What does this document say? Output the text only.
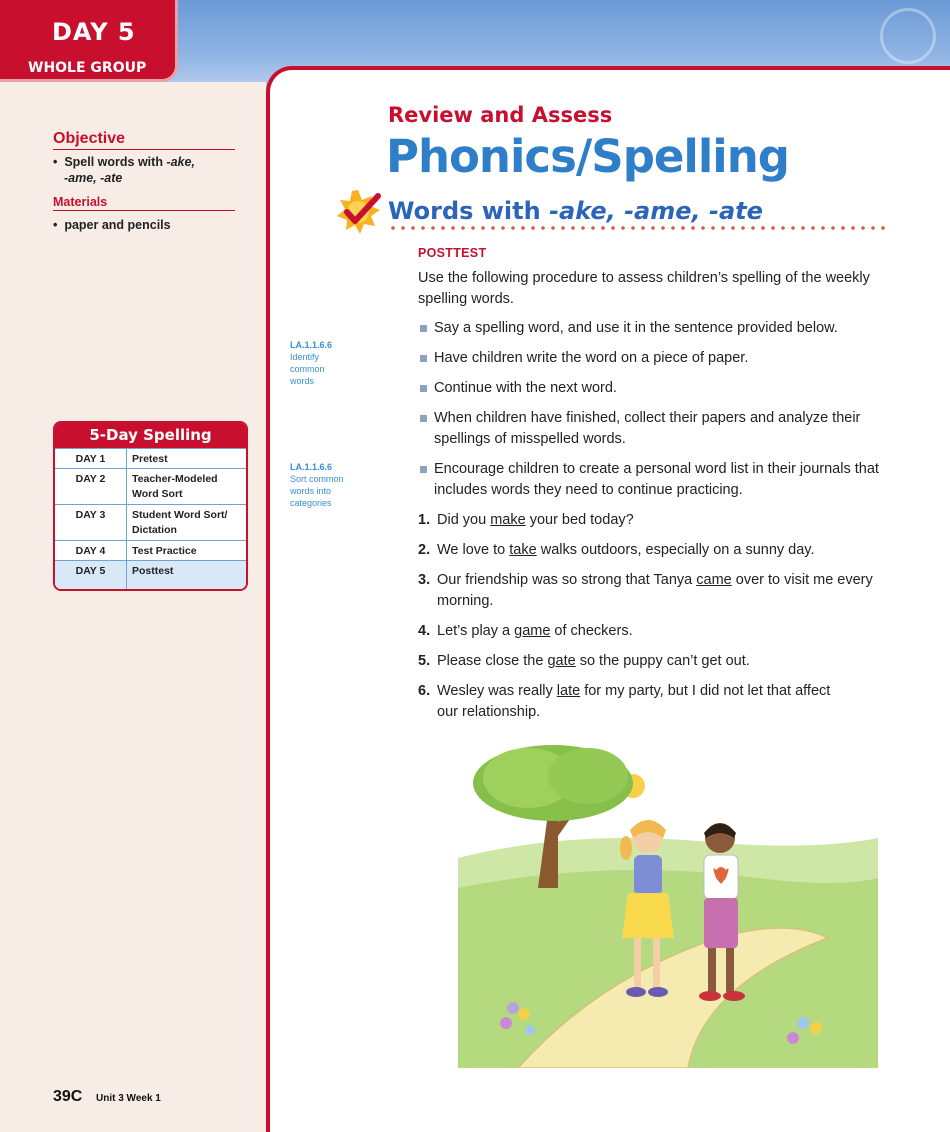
DAY 5
WHOLE GROUP
Objective
•  Spell words with -ake,
-ame, -ate
Materials
•  paper and pencils
5-Day Spelling
DAY 1	Pretest
DAY 2	Teacher-Modeled Word Sort
DAY 3	Student Word Sort/ Dictation
DAY 4	Test Practice
DAY 5	Posttest
39C Unit 3 Week 1
LA.1.1.6.6
Identify
common
words
LA.1.1.6.6
Sort common
words into
categories
Review and Assess
Phonics/Spelling
Words with -ake, -ame, -ate
POSTTEST
Use the following procedure to assess children’s spelling of the weekly spelling words.
Say a spelling word, and use it in the sentence provided below.
Have children write the word on a piece of paper.
Continue with the next word.
When children have finished, collect their papers and analyze their spellings of misspelled words.
Encourage children to create a personal word list in their journals that includes words they need to continue practicing.
1. Did you make your bed today?
2. We love to take walks outdoors, especially on a sunny day.
3. Our friendship was so strong that Tanya came over to visit me every morning.
4. Let’s play a game of checkers.
5. Please close the gate so the puppy can’t get out.
6. Wesley was really late for my party, but I did not let that affect our relationship.
